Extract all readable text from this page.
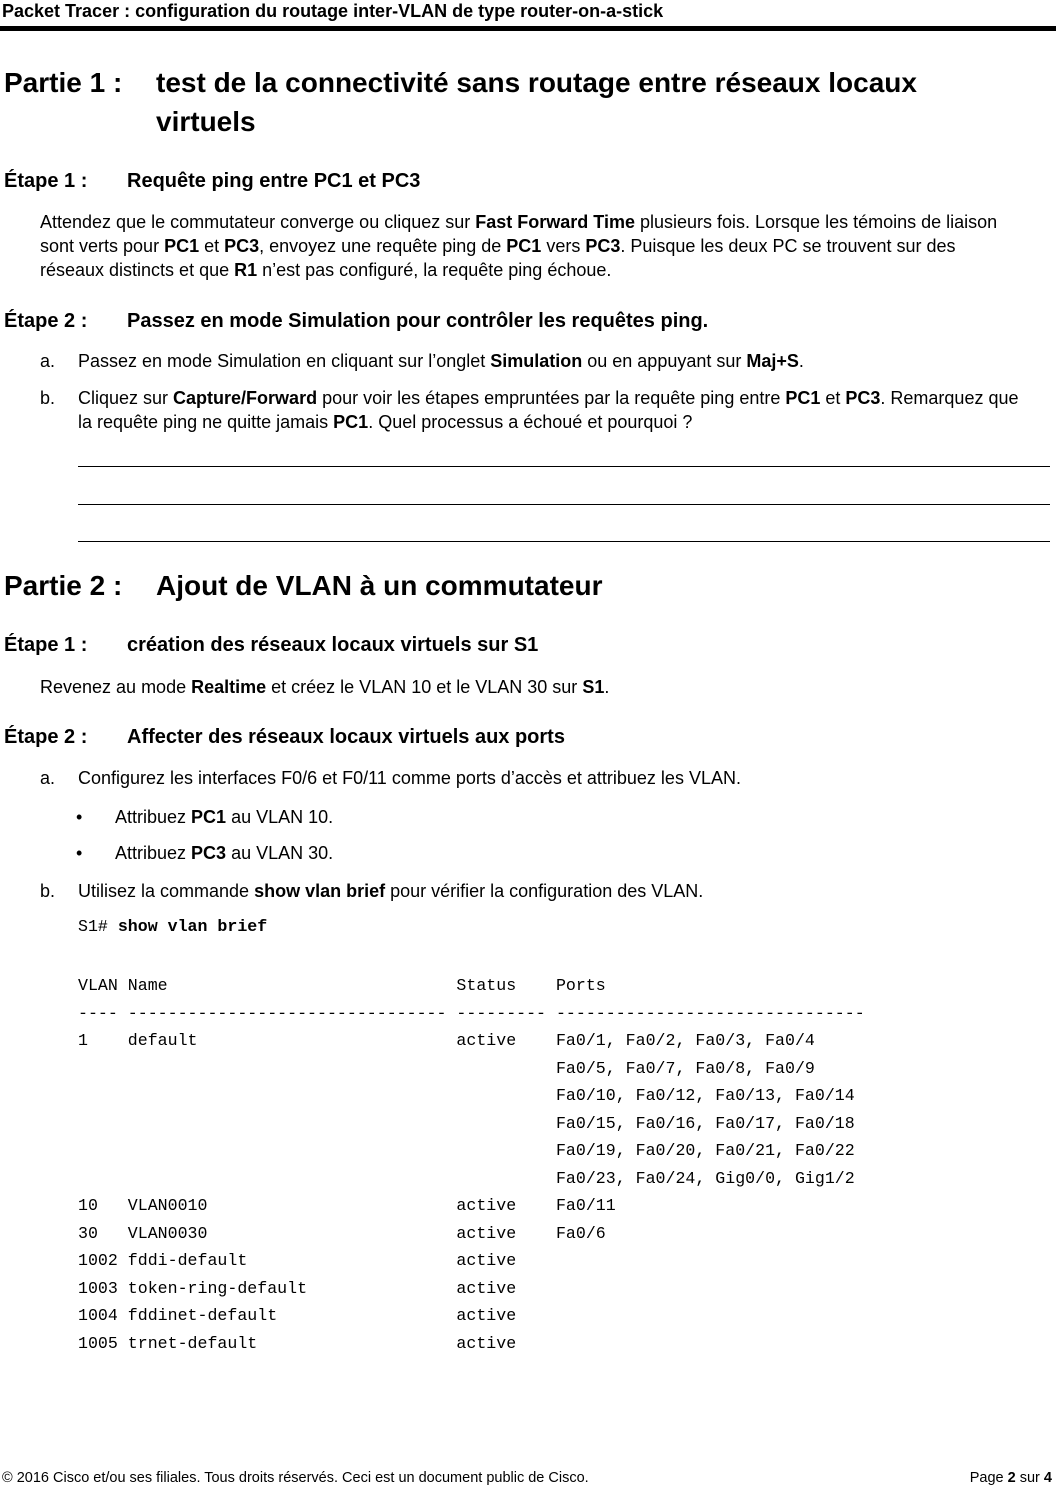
Packet Tracer : configuration du routage inter-VLAN de type router-on-a-stick
Partie 1 : test de la connectivité sans routage entre réseaux locaux virtuels
Étape 1 : Requête ping entre PC1 et PC3
Attendez que le commutateur converge ou cliquez sur Fast Forward Time plusieurs fois. Lorsque les témoins de liaison sont verts pour PC1 et PC3, envoyez une requête ping de PC1 vers PC3. Puisque les deux PC se trouvent sur des réseaux distincts et que R1 n’est pas configuré, la requête ping échoue.
Étape 2 : Passez en mode Simulation pour contrôler les requêtes ping.
a. Passez en mode Simulation en cliquant sur l’onglet Simulation ou en appuyant sur Maj+S.
b. Cliquez sur Capture/Forward pour voir les étapes empruntées par la requête ping entre PC1 et PC3. Remarquez que la requête ping ne quitte jamais PC1. Quel processus a échoué et pourquoi ?
Partie 2 : Ajout de VLAN à un commutateur
Étape 1 : création des réseaux locaux virtuels sur S1
Revenez au mode Realtime et créez le VLAN 10 et le VLAN 30 sur S1.
Étape 2 : Affecter des réseaux locaux virtuels aux ports
a. Configurez les interfaces F0/6 et F0/11 comme ports d’accès et attribuez les VLAN.
• Attribuez PC1 au VLAN 10.
• Attribuez PC3 au VLAN 30.
b. Utilisez la commande show vlan brief pour vérifier la configuration des VLAN.
S1# show vlan brief
VLAN Name                             Status    Ports
---- -------------------------------- --------- -------------------------------
1    default                          active    Fa0/1, Fa0/2, Fa0/3, Fa0/4
Fa0/5, Fa0/7, Fa0/8, Fa0/9
Fa0/10, Fa0/12, Fa0/13, Fa0/14
Fa0/15, Fa0/16, Fa0/17, Fa0/18
Fa0/19, Fa0/20, Fa0/21, Fa0/22
Fa0/23, Fa0/24, Gig0/0, Gig1/2
10   VLAN0010                         active    Fa0/11
30   VLAN0030                         active    Fa0/6
1002 fddi-default                     active
1003 token-ring-default               active
1004 fddinet-default                  active
1005 trnet-default                    active
© 2016 Cisco et/ou ses filiales. Tous droits réservés. Ceci est un document public de Cisco.	Page 2 sur 4
